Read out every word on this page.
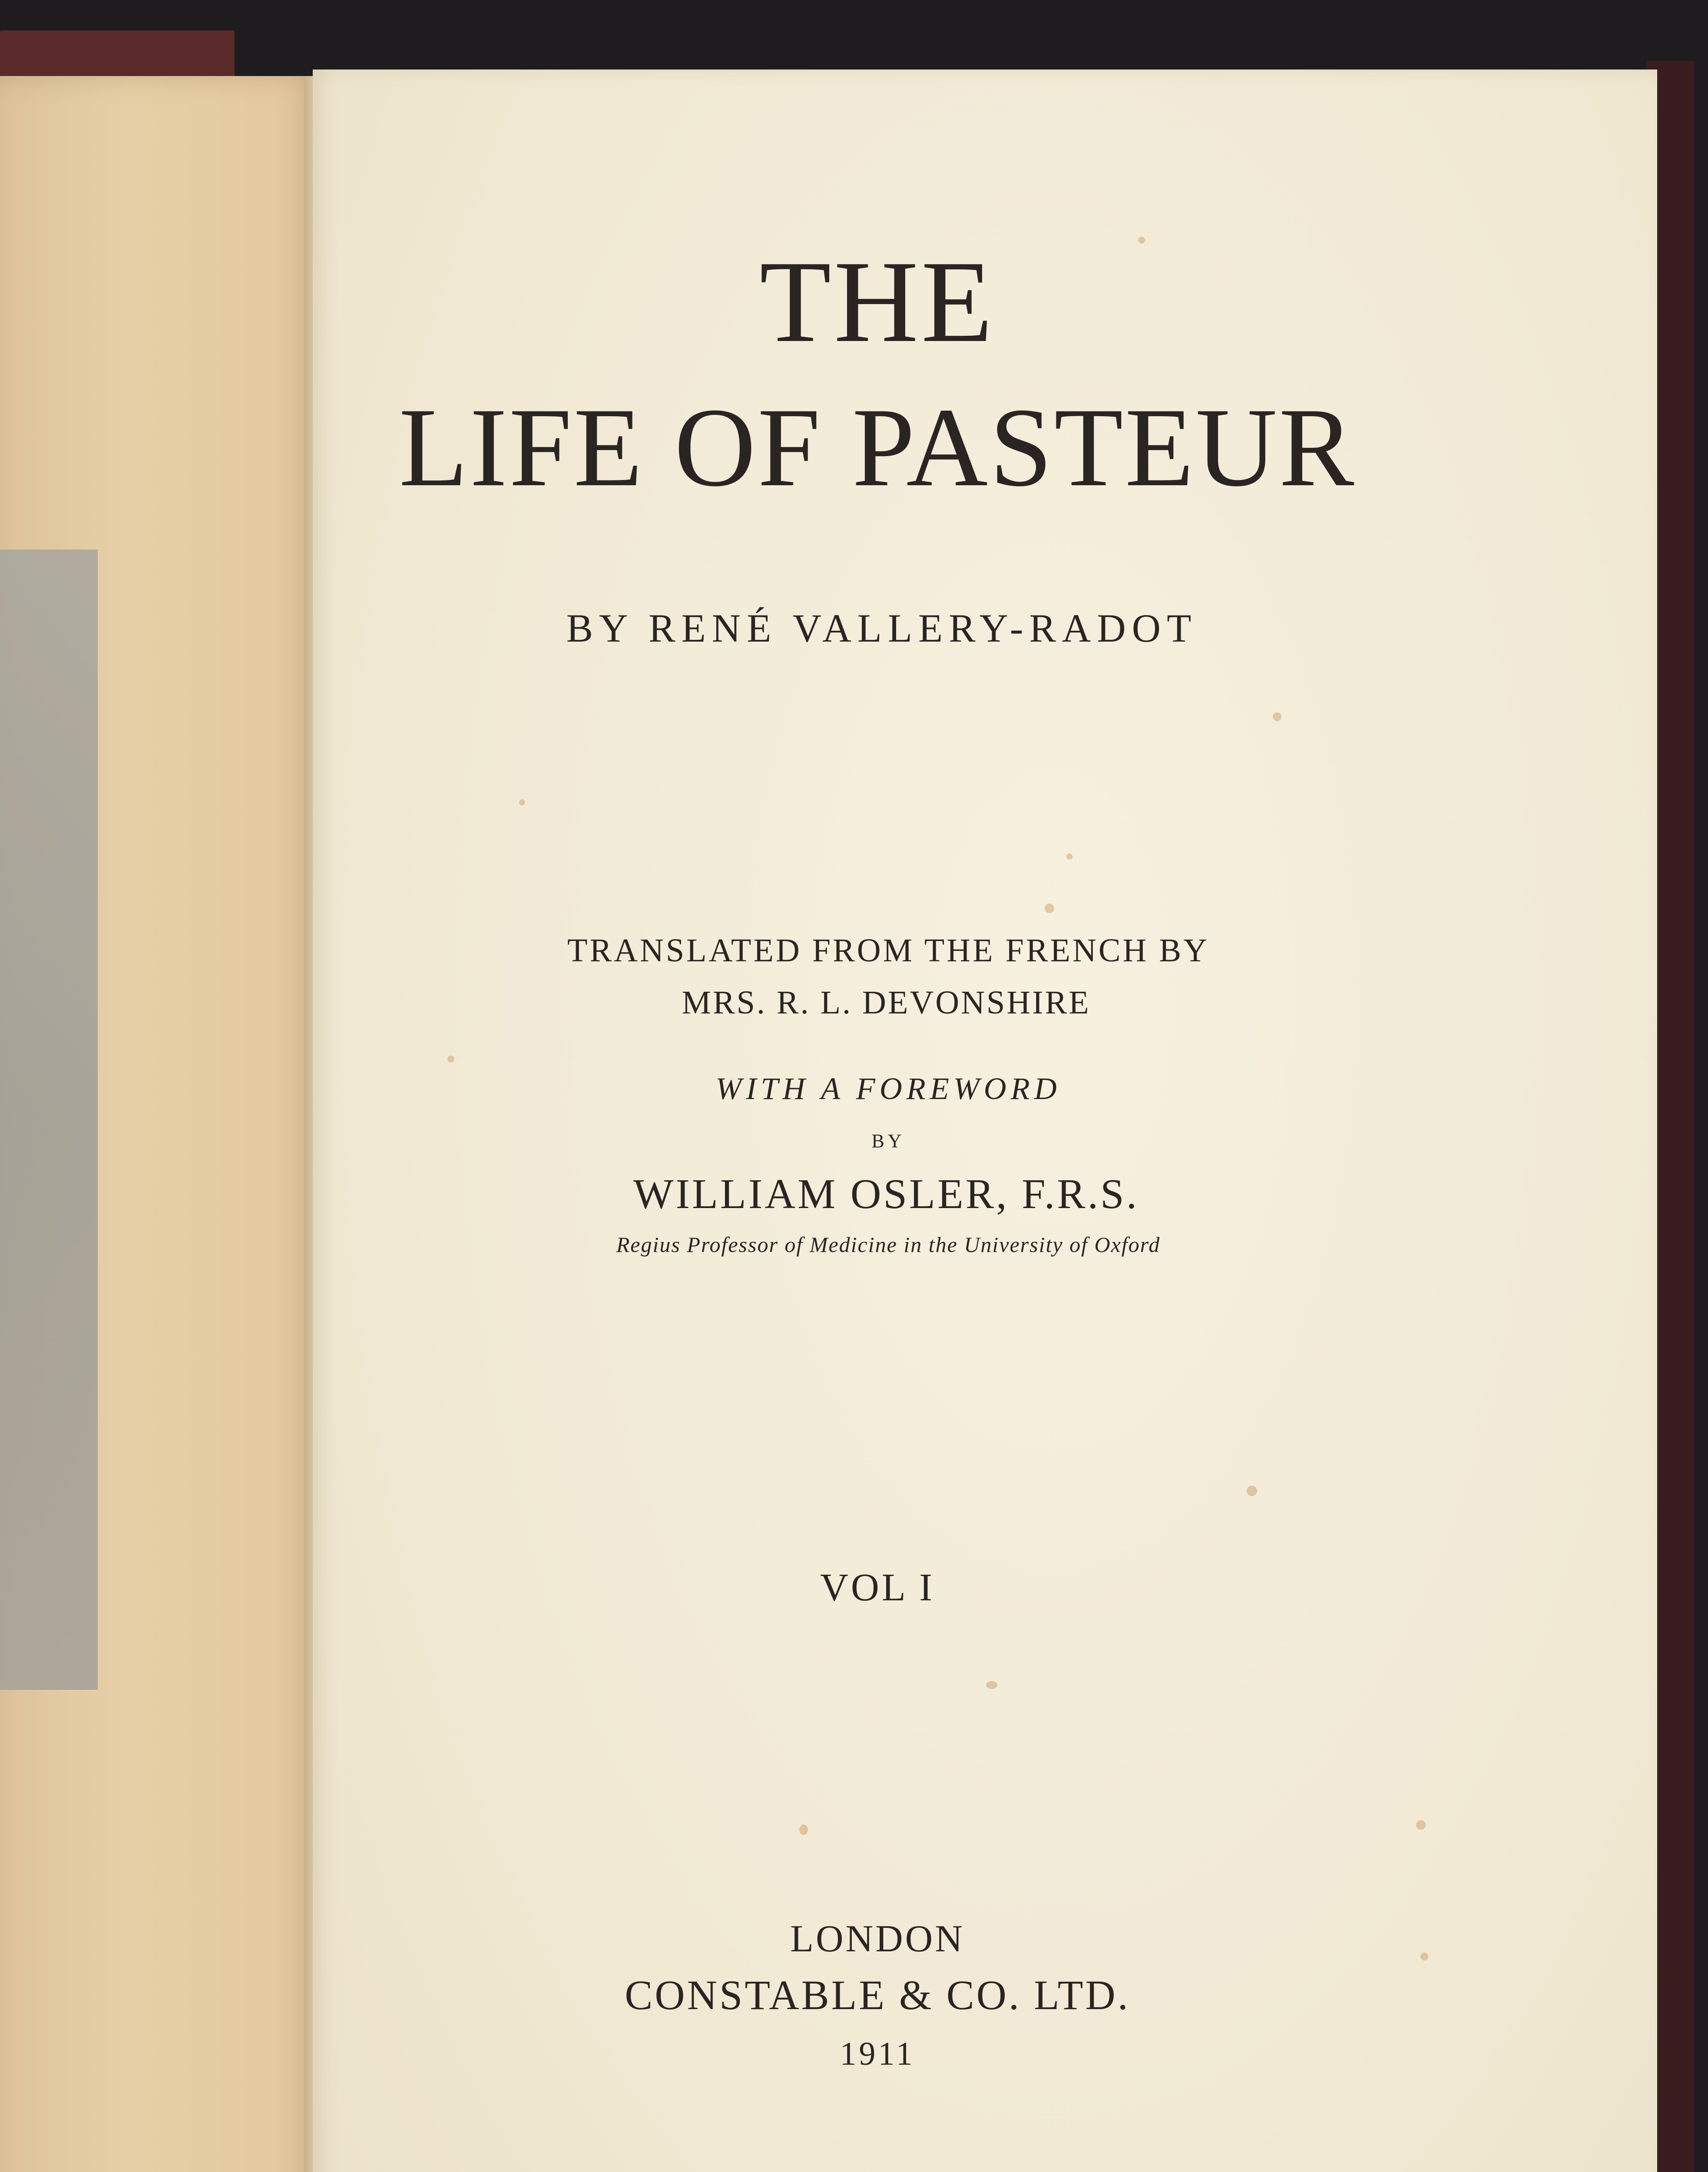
THE
LIFE OF PASTEUR
BY RENÉ VALLERY-RADOT
TRANSLATED FROM THE FRENCH BY
MRS. R. L. DEVONSHIRE
WITH A FOREWORD
BY
WILLIAM OSLER, F.R.S.
Regius Professor of Medicine in the University of Oxford
VOL I
LONDON
CONSTABLE & CO. LTD.
1911
